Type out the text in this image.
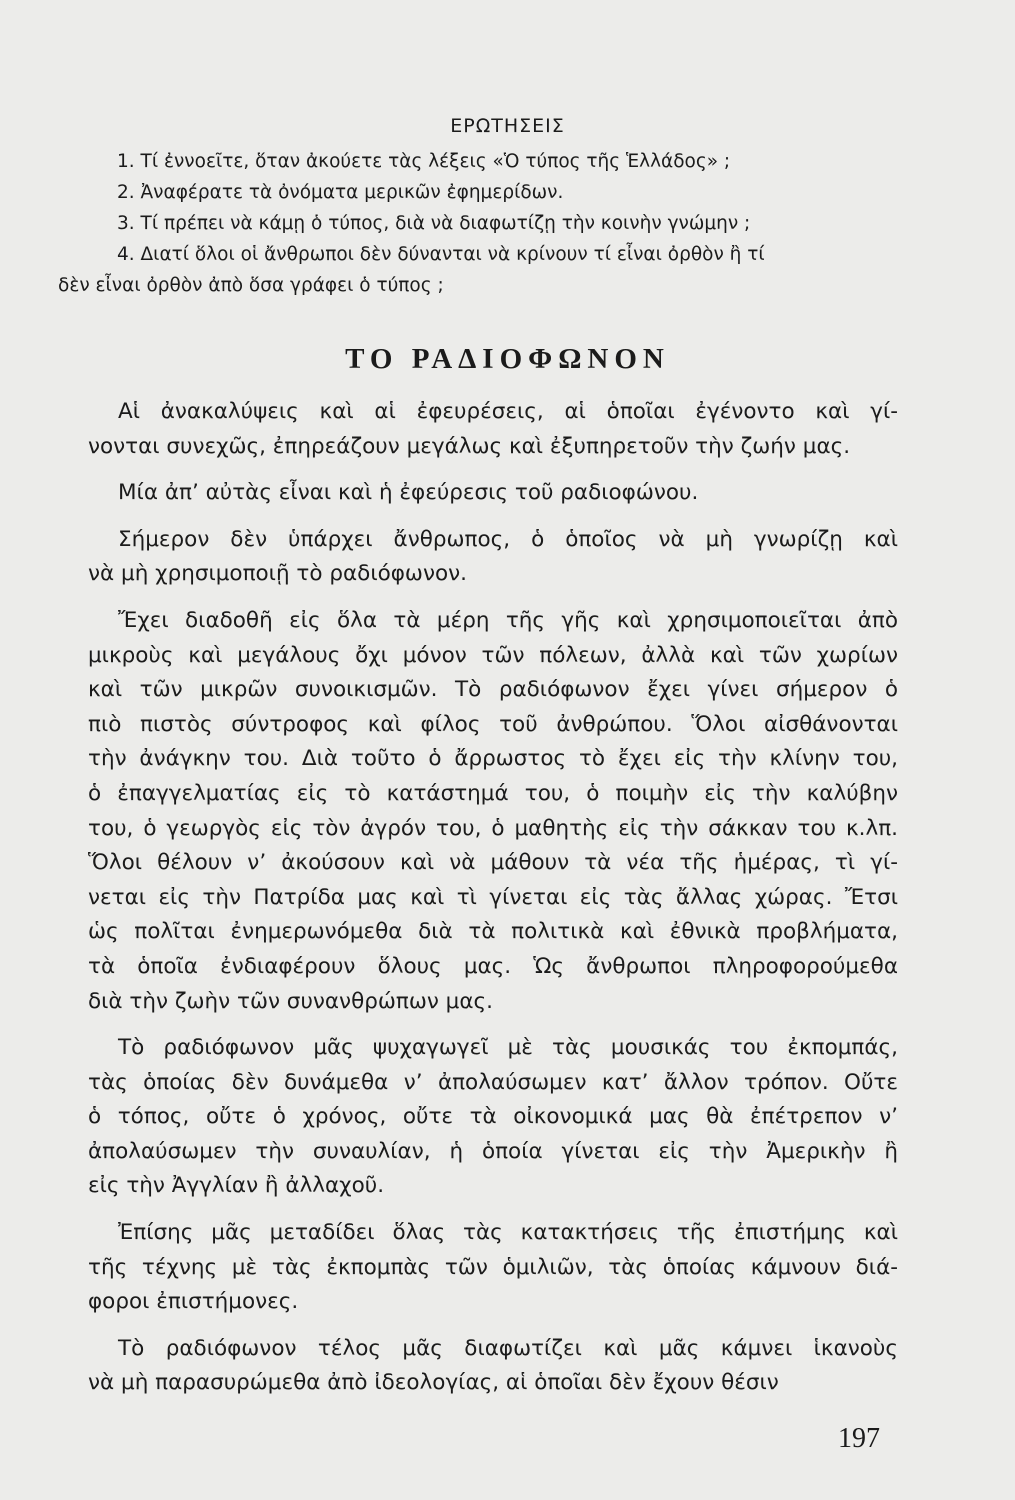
ΕΡΩΤΗΣΕΙΣ
1. Τί ἐννοεῖτε, ὅταν ἀκούετε τὰς λέξεις «Ὁ τύπος τῆς Ἑλλάδος» ;
2. Ἀναφέρατε τὰ ὀνόματα μερικῶν ἐφημερίδων.
3. Τί πρέπει νὰ κάμῃ ὁ τύπος, διὰ νὰ διαφωτίζῃ τὴν κοινὴν γνώμην ;
4. Διατί ὅλοι οἱ ἄνθρωποι δὲν δύνανται νὰ κρίνουν τί εἶναι ὀρθὸν ἢ τί
δὲν εἶναι ὀρθὸν ἀπὸ ὅσα γράφει ὁ τύπος ;
ΤΟ ΡΑΔΙΟΦΩΝΟΝ

Αἱ ἀνακαλύψεις καὶ αἱ ἐφευρέσεις, αἱ ὁποῖαι ἐγένοντο καὶ γί-
νονται συνεχῶς, ἐπηρεάζουν μεγάλως καὶ ἐξυπηρετοῦν τὴν ζωήν μας.

Μία ἀπ’ αὐτὰς εἶναι καὶ ἡ ἐφεύρεσις τοῦ ραδιοφώνου.

Σήμερον δὲν ὑπάρχει ἄνθρωπος, ὁ ὁποῖος νὰ μὴ γνωρίζῃ καὶ
νὰ μὴ χρησιμοποιῇ τὸ ραδιόφωνον.

Ἔχει διαδοθῆ εἰς ὅλα τὰ μέρη τῆς γῆς καὶ χρησιμοποιεῖται ἀπὸ
μικροὺς καὶ μεγάλους ὄχι μόνον τῶν πόλεων, ἀλλὰ καὶ τῶν χωρίων
καὶ τῶν μικρῶν συνοικισμῶν. Τὸ ραδιόφωνον ἔχει γίνει σήμερον ὁ
πιὸ πιστὸς σύντροφος καὶ φίλος τοῦ ἀνθρώπου. Ὅλοι αἰσθάνονται
τὴν ἀνάγκην του. Διὰ τοῦτο ὁ ἄρρωστος τὸ ἔχει εἰς τὴν κλίνην του,
ὁ ἐπαγγελματίας εἰς τὸ κατάστημά του, ὁ ποιμὴν εἰς τὴν καλύβην
του, ὁ γεωργὸς εἰς τὸν ἀγρόν του, ὁ μαθητὴς εἰς τὴν σάκκαν του κ.λπ.
Ὅλοι θέλουν ν’ ἀκούσουν καὶ νὰ μάθουν τὰ νέα τῆς ἡμέρας, τὶ γί-
νεται εἰς τὴν Πατρίδα μας καὶ τὶ γίνεται εἰς τὰς ἄλλας χώρας. Ἔτσι
ὡς πολῖται ἐνημερωνόμεθα διὰ τὰ πολιτικὰ καὶ ἐθνικὰ προβλήματα,
τὰ ὁποῖα ἐνδιαφέρουν ὅλους μας. Ὡς ἄνθρωποι πληροφορούμεθα
διὰ τὴν ζωὴν τῶν συνανθρώπων μας.

Τὸ ραδιόφωνον μᾶς ψυχαγωγεῖ μὲ τὰς μουσικάς του ἐκπομπάς,
τὰς ὁποίας δὲν δυνάμεθα ν’ ἀπολαύσωμεν κατ’ ἄλλον τρόπον. Οὔτε
ὁ τόπος, οὔτε ὁ χρόνος, οὔτε τὰ οἰκονομικά μας θὰ ἐπέτρεπον ν’
ἀπολαύσωμεν τὴν συναυλίαν, ἡ ὁποία γίνεται εἰς τὴν Ἀμερικὴν ἢ
εἰς τὴν Ἀγγλίαν ἢ ἀλλαχοῦ.

Ἐπίσης μᾶς μεταδίδει ὅλας τὰς κατακτήσεις τῆς ἐπιστήμης καὶ
τῆς τέχνης μὲ τὰς ἐκπομπὰς τῶν ὁμιλιῶν, τὰς ὁποίας κάμνουν διά-
φοροι ἐπιστήμονες.

Τὸ ραδιόφωνον τέλος μᾶς διαφωτίζει καὶ μᾶς κάμνει ἱκανοὺς
νὰ μὴ παρασυρώμεθα ἀπὸ ἰδεολογίας, αἱ ὁποῖαι δὲν ἔχουν θέσιν

197
